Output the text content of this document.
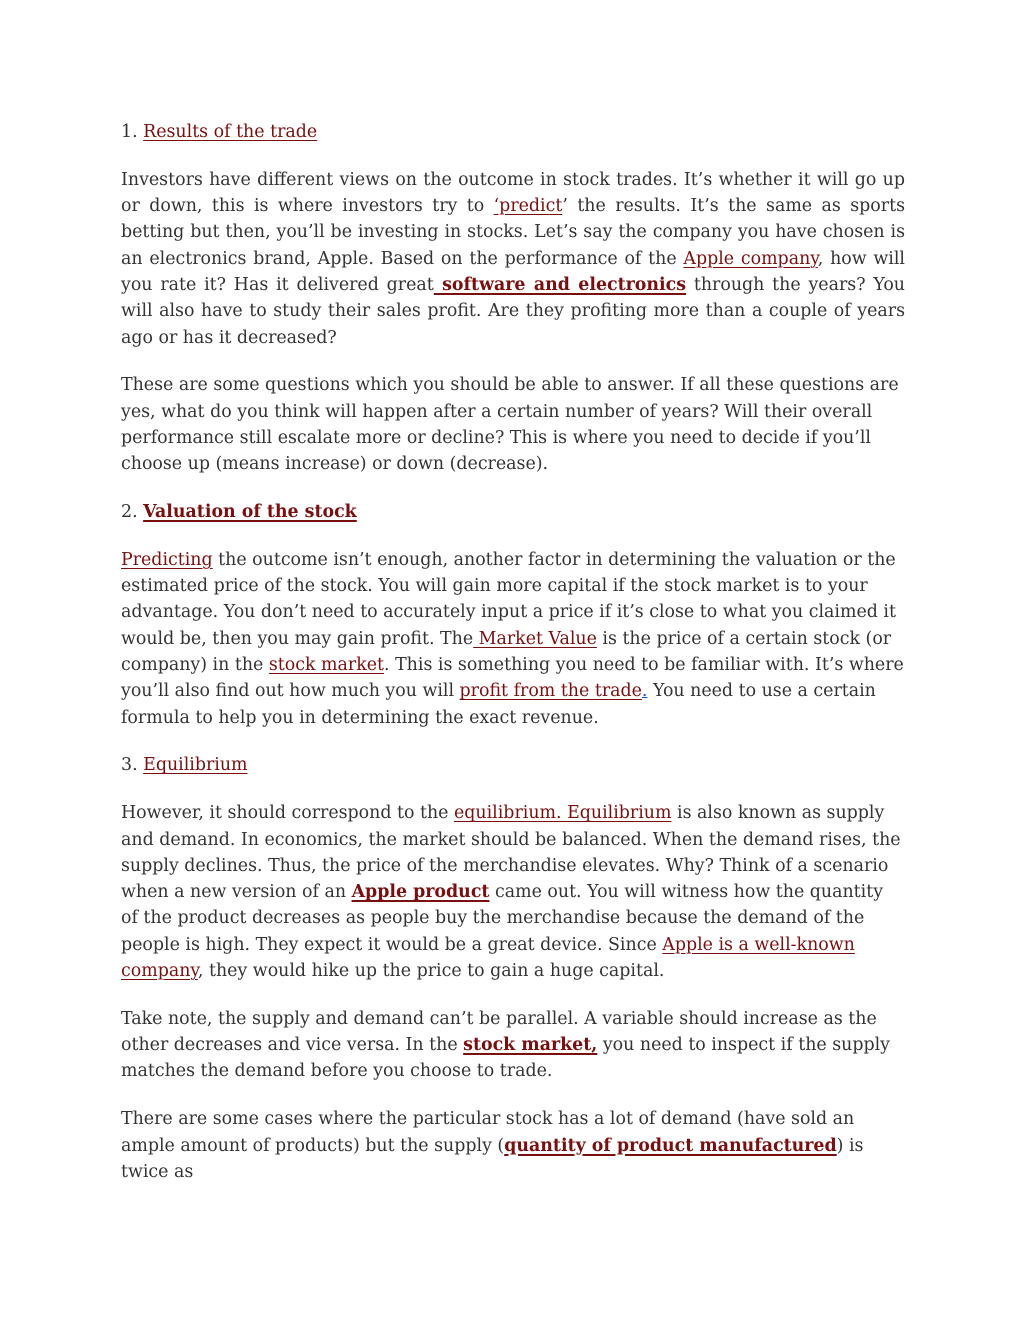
1. Results of the trade

Investors have different views on the outcome in stock trades. It’s whether it will go up or down, this is where investors try to ‘predict’ the results. It’s the same as sports betting but then, you’ll be investing in stocks. Let’s say the company you have chosen is an electronics brand, Apple. Based on the performance of the Apple company, how will you rate it? Has it delivered great software and electronics through the years? You will also have to study their sales profit. Are they profiting more than a couple of years ago or has it decreased?

These are some questions which you should be able to answer. If all these questions are yes, what do you think will happen after a certain number of years? Will their overall performance still escalate more or decline? This is where you need to decide if you’ll choose up (means increase) or down (decrease).

2. Valuation of the stock

Predicting the outcome isn’t enough, another factor in determining the valuation or the estimated price of the stock. You will gain more capital if the stock market is to your advantage. You don’t need to accurately input a price if it’s close to what you claimed it would be, then you may gain profit. The Market Value is the price of a certain stock (or company) in the stock market. This is something you need to be familiar with. It’s where you’ll also find out how much you will profit from the trade. You need to use a certain formula to help you in determining the exact revenue.

3. Equilibrium

However, it should correspond to the equilibrium. Equilibrium is also known as supply and demand. In economics, the market should be balanced. When the demand rises, the supply declines. Thus, the price of the merchandise elevates. Why? Think of a scenario when a new version of an Apple product came out. You will witness how the quantity of the product decreases as people buy the merchandise because the demand of the people is high. They expect it would be a great device. Since Apple is a well-known company, they would hike up the price to gain a huge capital.

Take note, the supply and demand can’t be parallel. A variable should increase as the other decreases and vice versa. In the stock market, you need to inspect if the supply matches the demand before you choose to trade.

There are some cases where the particular stock has a lot of demand (have sold an ample amount of products) but the supply (quantity of product manufactured) is twice as
